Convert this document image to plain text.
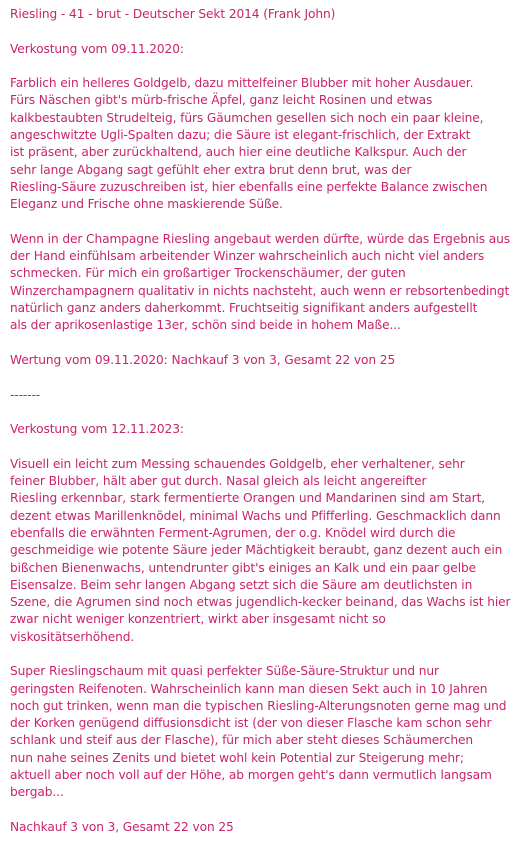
Riesling - 41 - brut - Deutscher Sekt 2014 (Frank John)
Verkostung vom 09.11.2020:
Farblich ein helleres Goldgelb, dazu mittelfeiner Blubber mit hoher Ausdauer.
Fürs Näschen gibt's mürb-frische Äpfel, ganz leicht Rosinen und etwas
kalkbestaubten Strudelteig, fürs Gäumchen gesellen sich noch ein paar kleine,
angeschwitzte Ugli-Spalten dazu; die Säure ist elegant-frischlich, der Extrakt
ist präsent, aber zurückhaltend, auch hier eine deutliche Kalkspur. Auch der
sehr lange Abgang sagt gefühlt eher extra brut denn brut, was der
Riesling-Säure zuzuschreiben ist, hier ebenfalls eine perfekte Balance zwischen
Eleganz und Frische ohne maskierende Süße.
Wenn in der Champagne Riesling angebaut werden dürfte, würde das Ergebnis aus
der Hand einfühlsam arbeitender Winzer wahrscheinlich auch nicht viel anders
schmecken. Für mich ein großartiger Trockenschäumer, der guten
Winzerchampagnern qualitativ in nichts nachsteht, auch wenn er rebsortenbedingt
natürlich ganz anders daherkommt. Fruchtseitig signifikant anders aufgestellt
als der aprikosenlastige 13er, schön sind beide in hohem Maße...
Wertung vom 09.11.2020: Nachkauf 3 von 3, Gesamt 22 von 25
-------
Verkostung vom 12.11.2023:
Visuell ein leicht zum Messing schauendes Goldgelb, eher verhaltener, sehr
feiner Blubber, hält aber gut durch. Nasal gleich als leicht angereifter
Riesling erkennbar, stark fermentierte Orangen und Mandarinen sind am Start,
dezent etwas Marillenknödel, minimal Wachs und Pfifferling. Geschmacklich dann
ebenfalls die erwähnten Ferment-Agrumen, der o.g. Knödel wird durch die
geschmeidige wie potente Säure jeder Mächtigkeit beraubt, ganz dezent auch ein
bißchen Bienenwachs, untendrunter gibt's einiges an Kalk und ein paar gelbe
Eisensalze. Beim sehr langen Abgang setzt sich die Säure am deutlichsten in
Szene, die Agrumen sind noch etwas jugendlich-kecker beinand, das Wachs ist hier
zwar nicht weniger konzentriert, wirkt aber insgesamt nicht so
viskositätserhöhend.
Super Rieslingschaum mit quasi perfekter Süße-Säure-Struktur und nur
geringsten Reifenoten. Wahrscheinlich kann man diesen Sekt auch in 10 Jahren
noch gut trinken, wenn man die typischen Riesling-Alterungsnoten gerne mag und
der Korken genügend diffusionsdicht ist (der von dieser Flasche kam schon sehr
schlank und steif aus der Flasche), für mich aber steht dieses Schäumerchen
nun nahe seines Zenits und bietet wohl kein Potential zur Steigerung mehr;
aktuell aber noch voll auf der Höhe, ab morgen geht's dann vermutlich langsam
bergab...
Nachkauf 3 von 3, Gesamt 22 von 25
